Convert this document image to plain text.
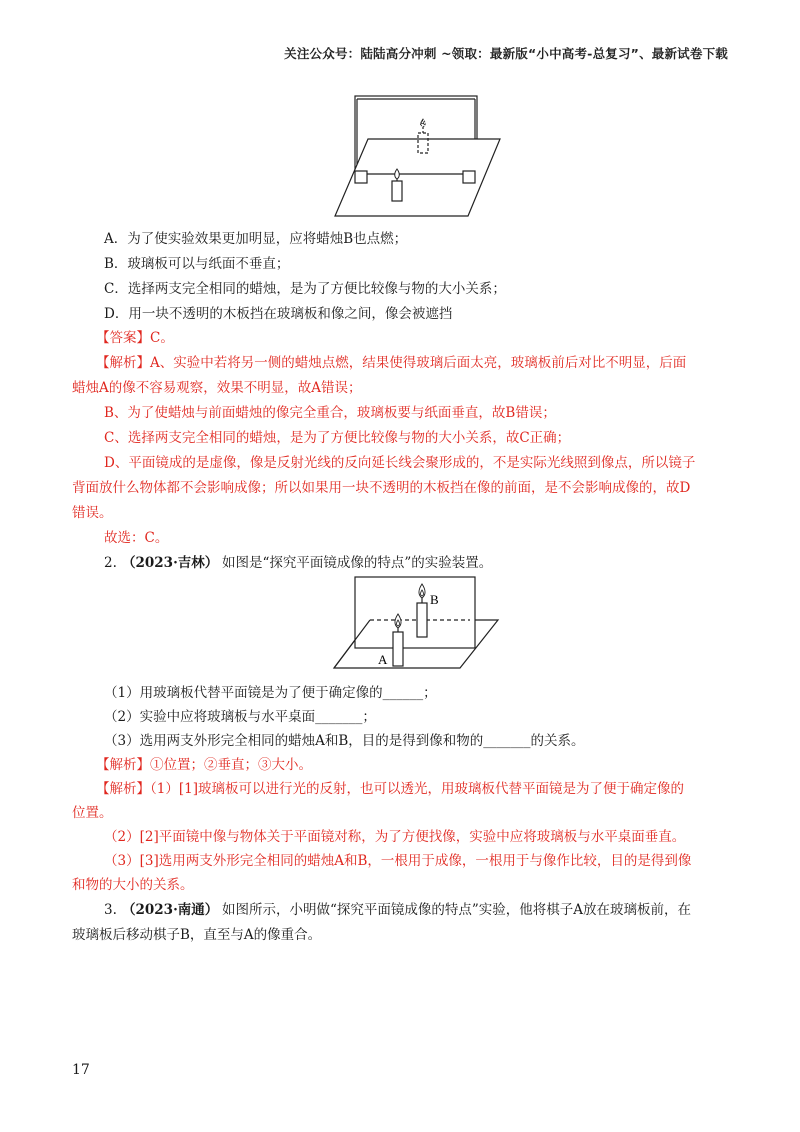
关注公众号：陆陆高分冲刺 ~领取：最新版“小中高考-总复习”、最新试卷下载
A
A．为了使实验效果更加明显，应将蜡烛B也点燃；
B．玻璃板可以与纸面不垂直；
C．选择两支完全相同的蜡烛，是为了方便比较像与物的大小关系；
D．用一块不透明的木板挡在玻璃板和像之间，像会被遮挡
【答案】C。
【解析】A、实验中若将另一侧的蜡烛点燃，结果使得玻璃后面太亮，玻璃板前后对比不明显，后面
蜡烛A的像不容易观察，效果不明显，故A错误；
B、为了使蜡烛与前面蜡烛的像完全重合，玻璃板要与纸面垂直，故B错误；
C、选择两支完全相同的蜡烛，是为了方便比较像与物的大小关系，故C正确；
D、平面镜成的是虚像，像是反射光线的反向延长线会聚形成的，不是实际光线照到像点，所以镜子
背面放什么物体都不会影响成像；所以如果用一块不透明的木板挡在像的前面，是不会影响成像的，故D
错误。
故选：C。
2. （2023·吉林） 如图是“探究平面镜成像的特点”的实验装置。
A
B
（1）用玻璃板代替平面镜是为了便于确定像的______；
（2）实验中应将玻璃板与水平桌面_______；
（3）选用两支外形完全相同的蜡烛A和B，目的是得到像和物的_______的关系。
【解析】①位置；②垂直；③大小。
【解析】（1）[1]玻璃板可以进行光的反射，也可以透光，用玻璃板代替平面镜是为了便于确定像的
位置。
（2）[2]平面镜中像与物体关于平面镜对称，为了方便找像，实验中应将玻璃板与水平桌面垂直。
（3）[3]选用两支外形完全相同的蜡烛A和B，一根用于成像，一根用于与像作比较，目的是得到像
和物的大小的关系。
3. （2023·南通） 如图所示，小明做“探究平面镜成像的特点”实验，他将棋子A放在玻璃板前，在
玻璃板后移动棋子B，直至与A的像重合。
17
